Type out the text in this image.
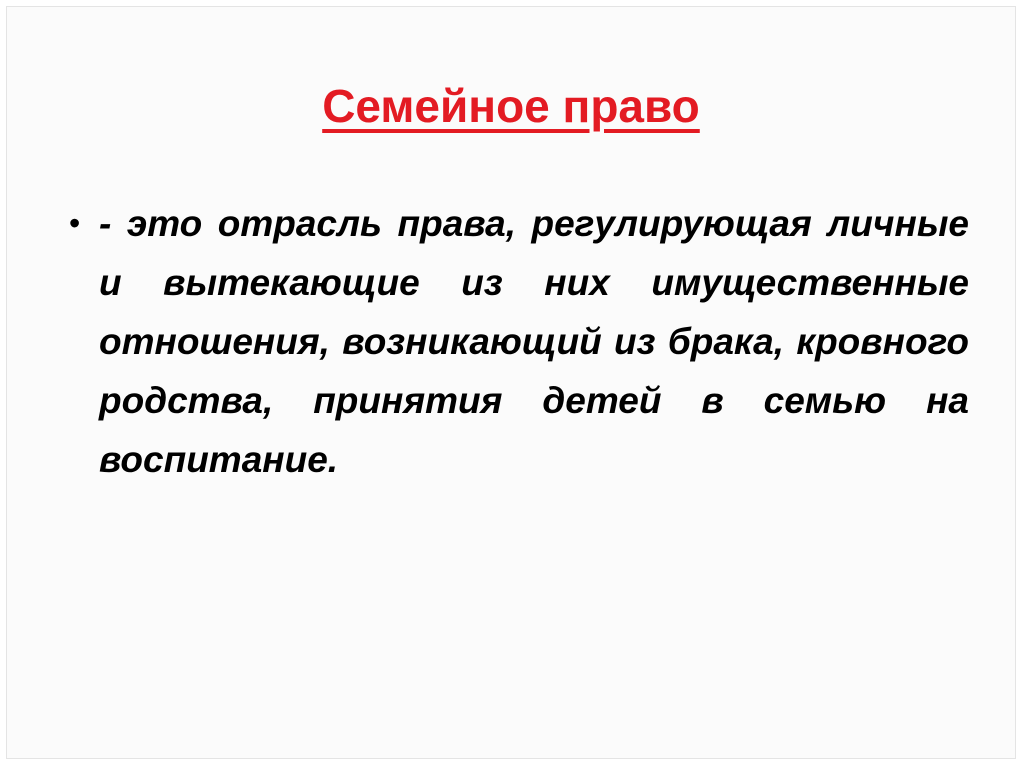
Семейное право
• - это отрасль права, регулирующая личные и вытекающие из них имущественные отношения, возникающий из брака, кровного родства, принятия детей в семью на воспитание.
